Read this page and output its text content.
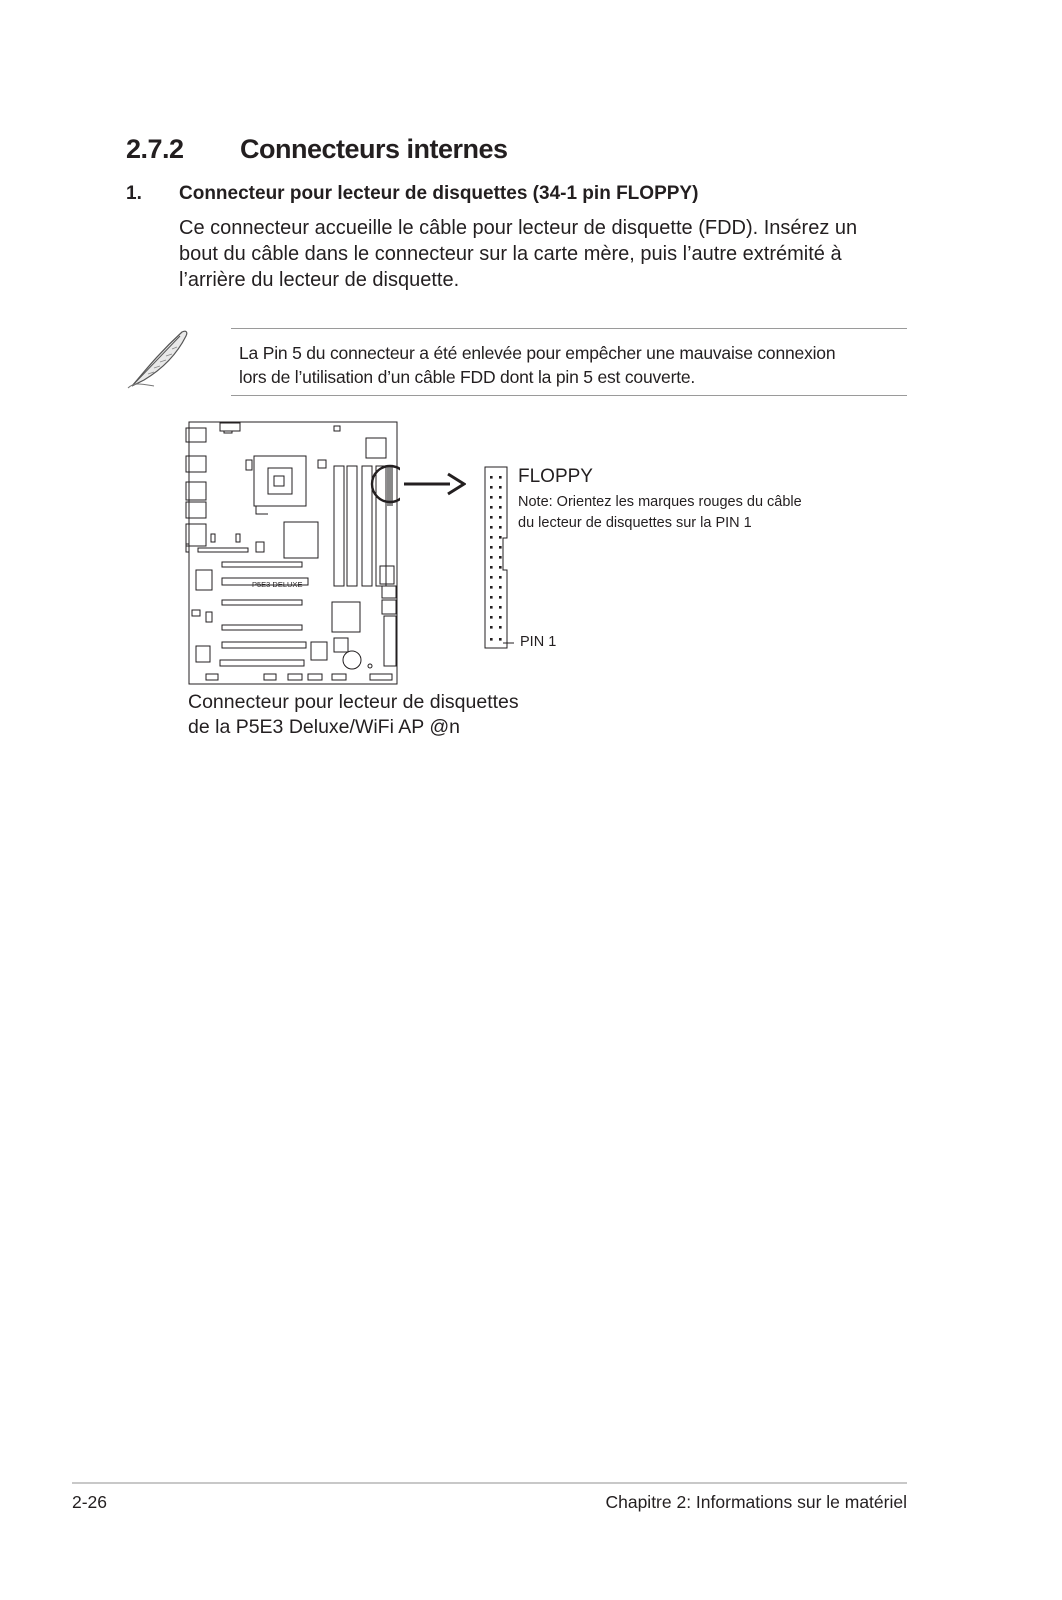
2.7.2 Connecteurs internes
1. Connecteur pour lecteur de disquettes (34-1 pin FLOPPY)
Ce connecteur accueille le câble pour lecteur de disquette (FDD). Insérez un
bout du câble dans le connecteur sur la carte mère, puis l’autre extrémité à
l’arrière du lecteur de disquette.
La Pin 5 du connecteur a été enlevée pour empêcher une mauvaise connexion
lors de l’utilisation d’un câble FDD dont la pin 5 est couverte.
P5E3 DELUXE
FLOPPY
Note: Orientez les marques rouges du câble
du lecteur de disquettes sur la PIN 1
PIN 1
Connecteur pour lecteur de disquettes
de la P5E3 Deluxe/WiFi AP @n
2-26	Chapitre 2: Informations sur le matériel
